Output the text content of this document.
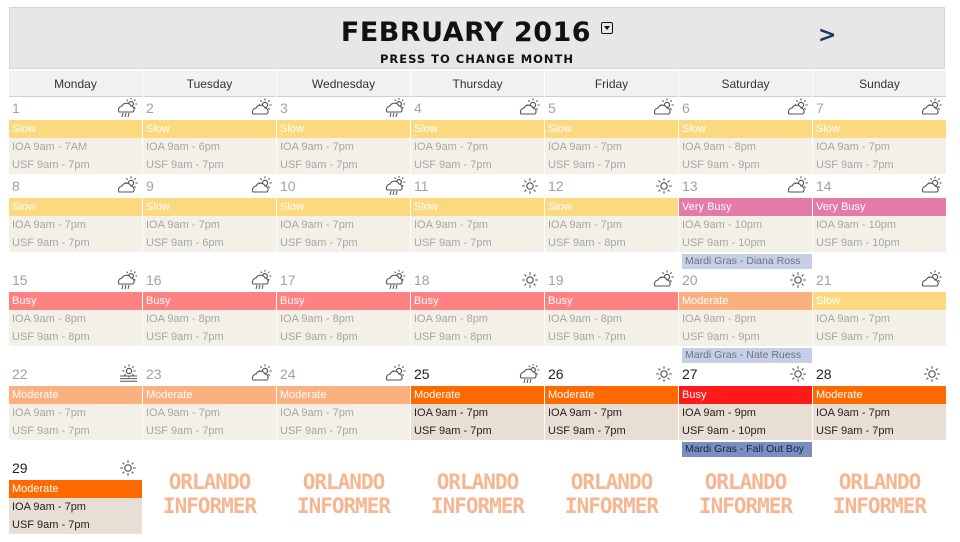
FEBRUARY 2016
PRESS TO CHANGE MONTH
>
Monday	Tuesday	Wednesday	Thursday	Friday	Saturday	Sunday
1
Slow
IOA 9am - 7AM
USF 9am - 7pm
2
Slow
IOA 9am - 6pm
USF 9am - 7pm
3
Slow
IOA 9am - 7pm
USF 9am - 7pm
4
Slow
IOA 9am - 7pm
USF 9am - 7pm
5
Slow
IOA 9am - 7pm
USF 9am - 7pm
6
Slow
IOA 9am - 8pm
USF 9am - 9pm
7
Slow
IOA 9am - 7pm
USF 9am - 7pm
8
Slow
IOA 9am - 7pm
USF 9am - 7pm
9
Slow
IOA 9am - 7pm
USF 9am - 6pm
10
Slow
IOA 9am - 7pm
USF 9am - 7pm
11
Slow
IOA 9am - 7pm
USF 9am - 7pm
12
Slow
IOA 9am - 7pm
USF 9am - 8pm
13
Very Busy
IOA 9am - 10pm
USF 9am - 10pm
Mardi Gras - Diana Ross
14
Very Busy
IOA 9am - 10pm
USF 9am - 10pm
15
Busy
IOA 9am - 8pm
USF 9am - 8pm
16
Busy
IOA 9am - 8pm
USF 9am - 7pm
17
Busy
IOA 9am - 8pm
USF 9am - 8pm
18
Busy
IOA 9am - 8pm
USF 9am - 8pm
19
Busy
IOA 9am - 8pm
USF 9am - 7pm
20
Moderate
IOA 9am - 8pm
USF 9am - 9pm
Mardi Gras - Nate Ruess
21
Slow
IOA 9am - 7pm
USF 9am - 7pm
22
Moderate
IOA 9am - 7pm
USF 9am - 7pm
23
Moderate
IOA 9am - 7pm
USF 9am - 7pm
24
Moderate
IOA 9am - 7pm
USF 9am - 7pm
25
Moderate
IOA 9am - 7pm
USF 9am - 7pm
26
Moderate
IOA 9am - 7pm
USF 9am - 7pm
27
Busy
IOA 9am - 9pm
USF 9am - 10pm
Mardi Gras - Fall Out Boy
28
Moderate
IOA 9am - 7pm
USF 9am - 7pm
29
Moderate
IOA 9am - 7pm
USF 9am - 7pm
ORLANDO
INFORMER
ORLANDO
INFORMER
ORLANDO
INFORMER
ORLANDO
INFORMER
ORLANDO
INFORMER
ORLANDO
INFORMER
